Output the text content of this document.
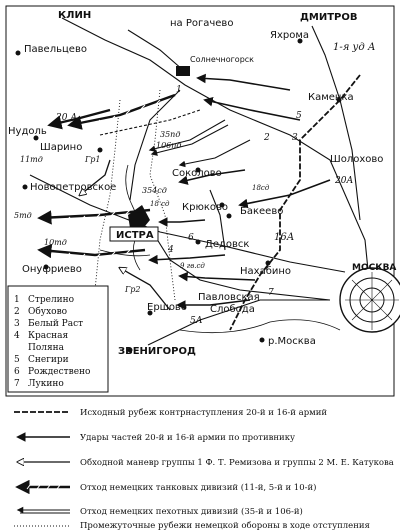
КЛИН
на Рогачево
ДМИТРОВ
Павельцево
Яхрома
Солнечногорск
Каменка
Нудоль
Шарино
Соколово
Шолохово
Новопетровское
Крюково Бакеево
ИСТРА
Дедовск
Онуфриево	Нахабино	МОСКВА
Ершово
Павловская
Слобода
ЗВЕНИГОРОД
р.Москва
1-я уд А
20 А
20А
16А
5А
11тд
35пд
106пд
354сд
18 сд
18сд
9 гв.сд
5тд
10тд
Гр1
Гр2
5
6
4
2 3
7
1
1 Стрелино
2 Обухово
3 Белый Раст
4 Красная
Поляна
5 Снегири
6 Рождествено
7 Лукино
Исходный рубеж контрнаступления 20-й и 16-й армий
Удары частей 20-й и 16-й армии по противнику
Обходной маневр группы 1 Ф. Т. Ремизова и группы 2 М. Е. Катукова
Отход немецких танковых дивизий (11-й, 5-й и 10-й)
Отход немецких пехотных дивизий (35-й и 106-й)
Промежуточные рубежи немецкой обороны в ходе отступления
